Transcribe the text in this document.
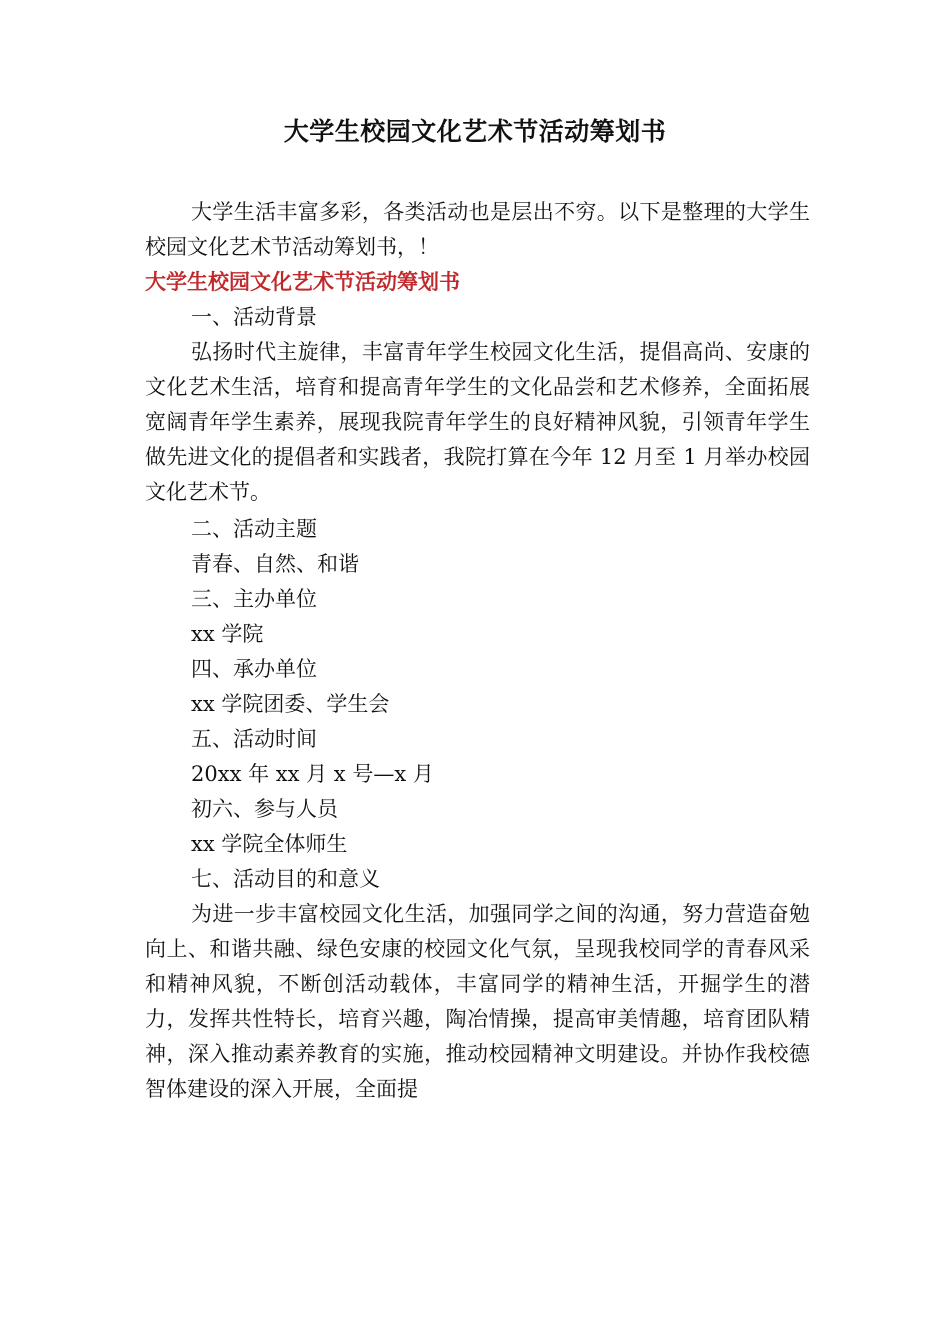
大学生校园文化艺术节活动筹划书

大学生活丰富多彩，各类活动也是层出不穷。以下是整理的大学生校园文化艺术节活动筹划书，！

大学生校园文化艺术节活动筹划书

一、活动背景

弘扬时代主旋律，丰富青年学生校园文化生活，提倡高尚、安康的文化艺术生活，培育和提高青年学生的文化品尝和艺术修养，全面拓展宽阔青年学生素养，展现我院青年学生的良好精神风貌，引领青年学生做先进文化的提倡者和实践者，我院打算在今年 12 月至 1 月举办校园文化艺术节。

二、活动主题

青春、自然、和谐

三、主办单位

xx 学院

四、承办单位

xx 学院团委、学生会

五、活动时间

20xx 年 xx 月 x 号—x 月

初六、参与人员

xx 学院全体师生

七、活动目的和意义

为进一步丰富校园文化生活，加强同学之间的沟通，努力营造奋勉向上、和谐共融、绿色安康的校园文化气氛，呈现我校同学的青春风采和精神风貌，不断创活动载体，丰富同学的精神生活，开掘学生的潜力，发挥共性特长，培育兴趣，陶冶情操，提高审美情趣，培育团队精神，深入推动素养教育的实施，推动校园精神文明建设。并协作我校德智体建设的深入开展，全面提
